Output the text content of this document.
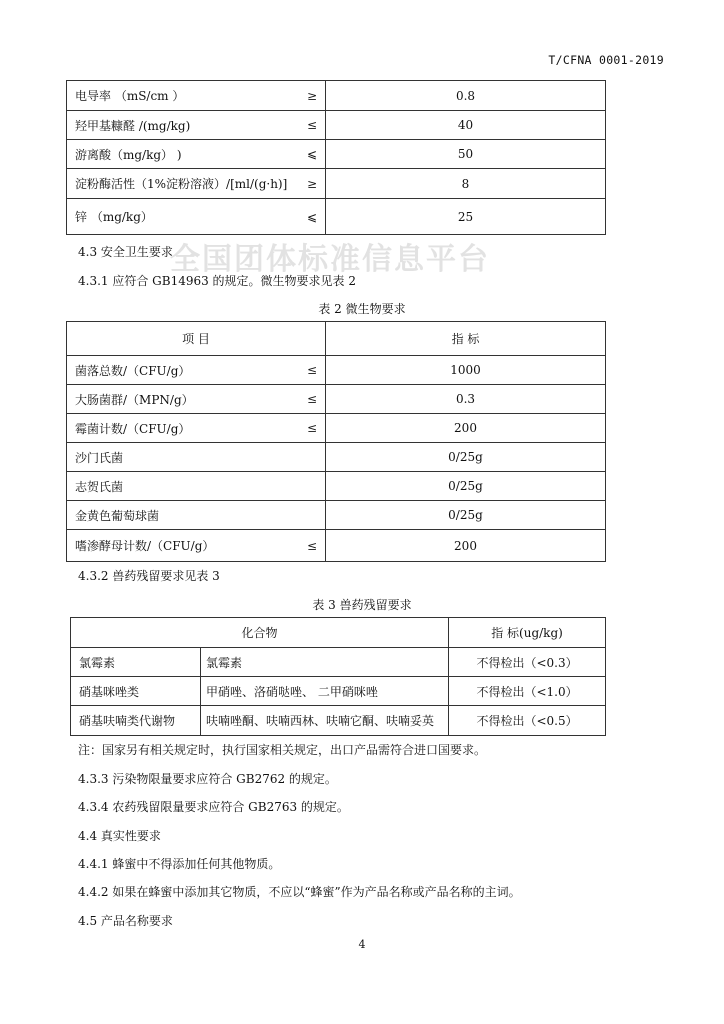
T/CFNA 0001-2019
全国团体标准信息平台
电导率 （mS/cm ） ≥	0.8

羟甲基糠醛 /(mg/kg) ≤	40

游离酸（mg/kg） ) ⩽	50

淀粉酶活性（1%淀粉溶液）/[ml/(g·h)] ≥	8

锌 （mg/kg） ⩽	25
4.3 安全卫生要求
4.3.1 应符合 GB14963 的规定。微生物要求见表 2
表 2 微生物要求
项 目	指 标

菌落总数/（CFU/g） ≤	1000

大肠菌群/（MPN/g） ≤	0.3

霉菌计数/（CFU/g） ≤	200

沙门氏菌	0/25g

志贺氏菌	0/25g

金黄色葡萄球菌	0/25g

嗜渗酵母计数/（CFU/g） ≤	200
4.3.2 兽药残留要求见表 3
表 3 兽药残留要求
化合物		指 标(ug/kg)
氯霉素	氯霉素	不得检出（<0.3）
硝基咪唑类	甲硝唑、洛硝哒唑、 二甲硝咪唑	不得检出（<1.0）
硝基呋喃类代谢物	呋喃唑酮、呋喃西林、呋喃它酮、呋喃妥英	不得检出（<0.5）
注：国家另有相关规定时，执行国家相关规定，出口产品需符合进口国要求。
4.3.3 污染物限量要求应符合 GB2762 的规定。
4.3.4 农药残留限量要求应符合 GB2763 的规定。
4.4 真实性要求
4.4.1 蜂蜜中不得添加任何其他物质。
4.4.2 如果在蜂蜜中添加其它物质，不应以“蜂蜜”作为产品名称或产品名称的主词。
4.5 产品名称要求
4
